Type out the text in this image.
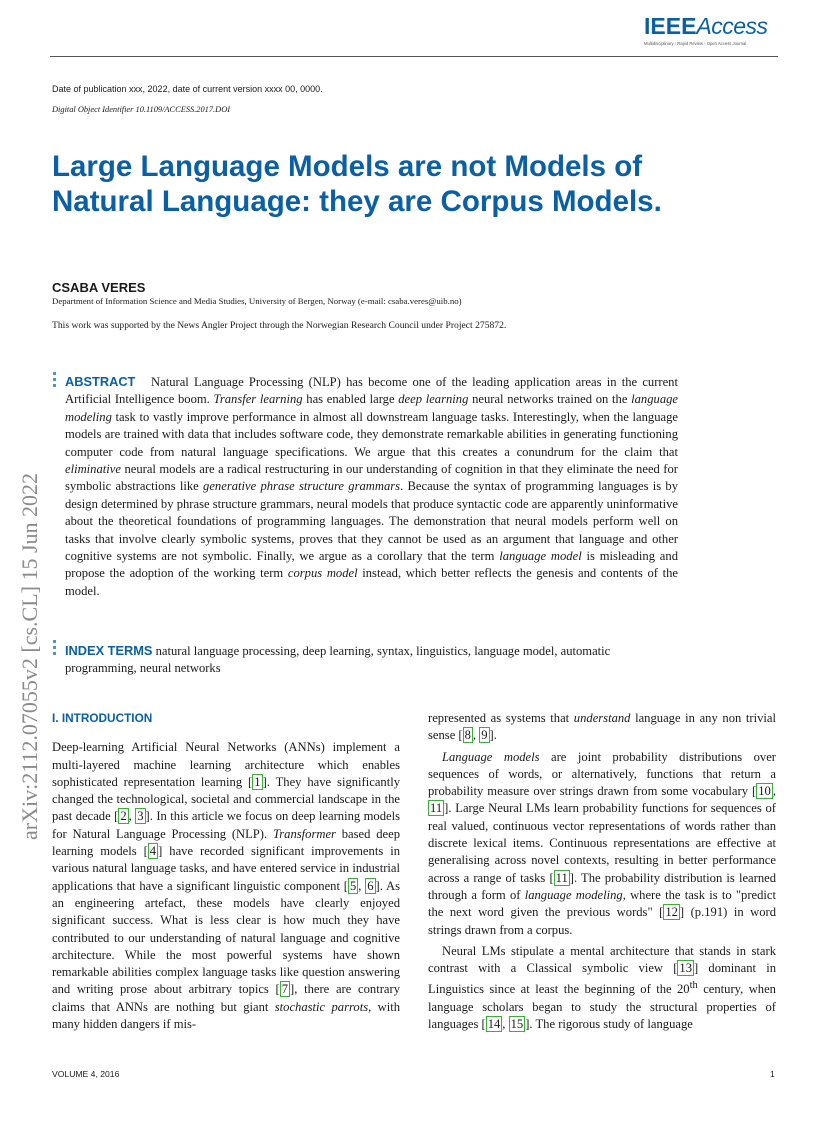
IEEEAccess
Multidisciplinary ⁝ Rapid Review ⁝ Open Access Journal
Date of publication xxx, 2022, date of current version xxxx 00, 0000.
Digital Object Identifier 10.1109/ACCESS.2017.DOI
Large Language Models are not Models of Natural Language: they are Corpus Models.
CSABA VERES
Department of Information Science and Media Studies, University of Bergen, Norway (e-mail: csaba.veres@uib.no)
This work was supported by the News Angler Project through the Norwegian Research Council under Project 275872.
arXiv:2112.07055v2 [cs.CL] 15 Jun 2022

ABSTRACT Natural Language Processing (NLP) has become one of the leading application areas in the current Artificial Intelligence boom. Transfer learning has enabled large deep learning neural networks trained on the language modeling task to vastly improve performance in almost all downstream language tasks. Interestingly, when the language models are trained with data that includes software code, they demonstrate remarkable abilities in generating functioning computer code from natural language specifications. We argue that this creates a conundrum for the claim that eliminative neural models are a radical restructuring in our understanding of cognition in that they eliminate the need for symbolic abstractions like generative phrase structure grammars. Because the syntax of programming languages is by design determined by phrase structure grammars, neural models that produce syntactic code are apparently uninformative about the theoretical foundations of programming languages. The demonstration that neural models perform well on tasks that involve clearly symbolic systems, proves that they cannot be used as an argument that language and other cognitive systems are not symbolic. Finally, we argue as a corollary that the term language model is misleading and propose the adoption of the working term corpus model instead, which better reflects the genesis and contents of the model.

INDEX TERMS natural language processing, deep learning, syntax, linguistics, language model, automatic programming, neural networks

I. INTRODUCTION

Deep-learning Artificial Neural Networks (ANNs) implement a multi-layered machine learning architecture which enables sophisticated representation learning [ 1 ]. They have significantly changed the technological, societal and commercial landscape in the past decade [ 2 , 3 ]. In this article we focus on deep learning models for Natural Language Processing (NLP). Transformer based deep learning models [ 4 ] have recorded significant improvements in various natural language tasks, and have entered service in industrial applications that have a significant linguistic component [ 5 , 6 ]. As an engineering artefact, these models have clearly enjoyed significant success. What is less clear is how much they have contributed to our understanding of natural language and cognitive architecture. While the most powerful systems have shown remarkable abilities complex language tasks like question answering and writing prose about arbitrary topics [ 7 ], there are contrary claims that ANNs are nothing but giant stochastic parrots, with many hidden dangers if mis-

represented as systems that understand language in any non trivial sense [ 8 , 9 ].

Language models are joint probability distributions over sequences of words, or alternatively, functions that return a probability measure over strings drawn from some vocabulary [ 10 , 11 ]. Large Neural LMs learn probability functions for sequences of real valued, continuous vector representations of words rather than discrete lexical items. Continuous representations are effective at generalising across novel contexts, resulting in better performance across a range of tasks [ 11 ]. The probability distribution is learned through a form of language modeling, where the task is to "predict the next word given the previous words" [ 12 ] (p.191) in word strings drawn from a corpus.

Neural LMs stipulate a mental architecture that stands in stark contrast with a Classical symbolic view [ 13 ] dominant in Linguistics since at least the beginning of the 20th century, when language scholars began to study the structural properties of languages [ 14 , 15 ]. The rigorous study of language

VOLUME 4, 2016	1
